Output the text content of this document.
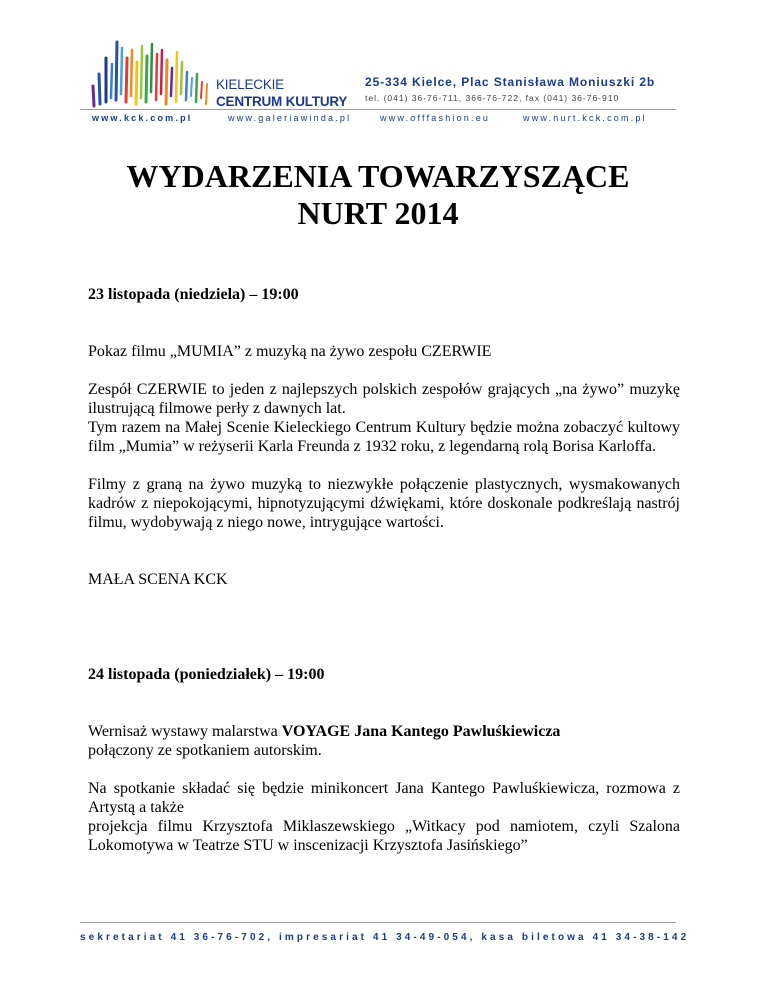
KIELECKIE
CENTRUM KULTURY
25-334 Kielce, Plac Stanisława Moniuszki 2b
tel. (041) 36-76-711, 366-76-722, fax (041) 36-76-910
www.kck.com.pl	www.galeriawinda.pl	www.offfashion.eu	www.nurt.kck.com.pl
WYDARZENIA TOWARZYSZĄCE
NURT 2014

23 listopada (niedziela) – 19:00

Pokaz filmu „MUMIA” z muzyką na żywo zespołu CZERWIE

Zespół CZERWIE to jeden z najlepszych polskich zespołów grających „na żywo” muzykę ilustrującą filmowe perły z dawnych lat.

Tym razem na Małej Scenie Kieleckiego Centrum Kultury będzie można zobaczyć kultowy film „Mumia” w reżyserii Karla Freunda z 1932 roku, z legendarną rolą Borisa Karloffa.

Filmy z graną na żywo muzyką to niezwykłe połączenie plastycznych, wysmakowanych kadrów z niepokojącymi, hipnotyzującymi dźwiękami, które doskonale podkreślają nastrój filmu, wydobywają z niego nowe, intrygujące wartości.

MAŁA SCENA KCK

24 listopada (poniedziałek) – 19:00

Wernisaż wystawy malarstwa VOYAGE Jana Kantego Pawluśkiewicza

połączony ze spotkaniem autorskim.

Na spotkanie składać się będzie minikoncert Jana Kantego Pawluśkiewicza, rozmowa z Artystą a także

projekcja filmu Krzysztofa Miklaszewskiego „Witkacy pod namiotem, czyli Szalona Lokomotywa w Teatrze STU w inscenizacji Krzysztofa Jasińskiego”

sekretariat 41 36-76-702, impresariat 41 34-49-054, kasa biletowa 41 34-38-142
